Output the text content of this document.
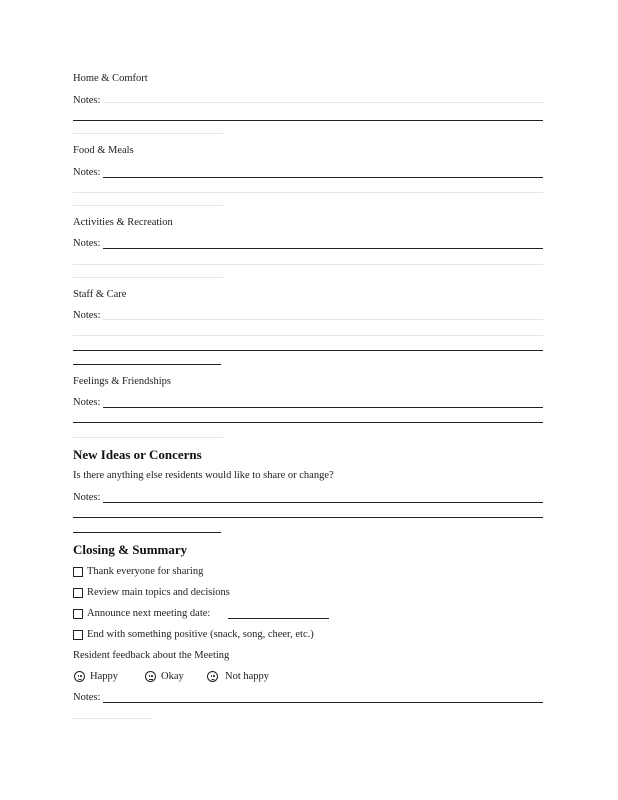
Home & Comfort
Notes:
Food & Meals
Notes:
Activities & Recreation
Notes:
Staff & Care
Notes:
Feelings & Friendships
Notes:
New Ideas or Concerns
Is there anything else residents would like to share or change?
Notes:
Closing & Summary
Thank everyone for sharing
Review main topics and decisions
Announce next meeting date:
End with something positive (snack, song, cheer, etc.)
Resident feedback about the Meeting
Happy	Okay	Not happy
Notes:
